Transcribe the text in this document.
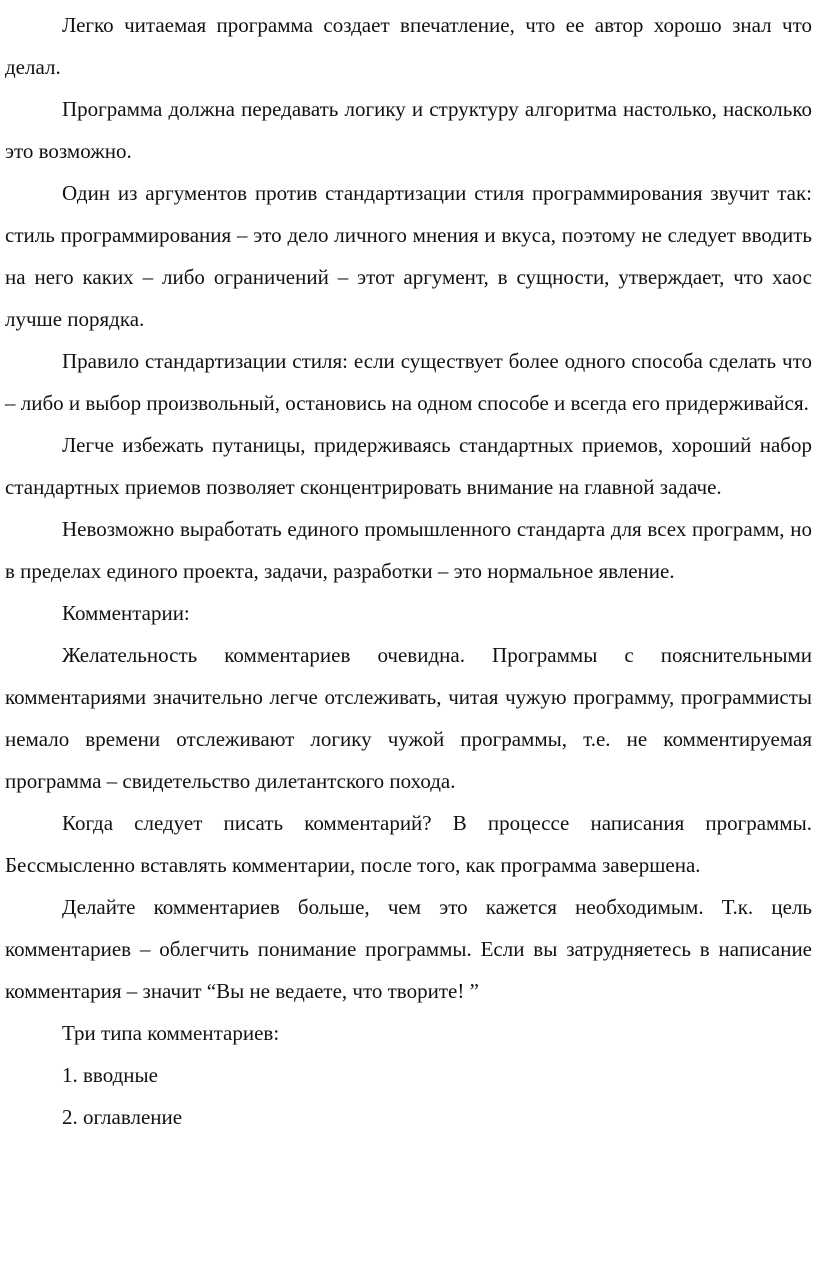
Легко читаемая программа создает впечатление, что ее автор хорошо знал что делал.

Программа должна передавать логику и структуру алгоритма настолько, насколько это возможно.

Один из аргументов против стандартизации стиля программирования звучит так: стиль программирования – это дело личного мнения и вкуса, поэтому не следует вводить на него каких – либо ограничений – этот аргумент, в сущности, утверждает, что хаос лучше порядка.

Правило стандартизации стиля: если существует более одного способа сделать что – либо и выбор произвольный, остановись на одном способе и всегда его придерживайся.

Легче избежать путаницы, придерживаясь стандартных приемов, хороший набор стандартных приемов позволяет сконцентрировать внимание на главной задаче.

Невозможно выработать единого промышленного стандарта для всех программ, но в пределах единого проекта, задачи, разработки – это нормальное явление.

Комментарии:

Желательность комментариев очевидна. Программы с пояснительными комментариями значительно легче отслеживать, читая чужую программу, программисты немало времени отслеживают логику чужой программы, т.е. не комментируемая программа – свидетельство дилетантского похода.

Когда следует писать комментарий? В процессе написания программы. Бессмысленно вставлять комментарии, после того, как программа завершена.

Делайте комментариев больше, чем это кажется необходимым. Т.к. цель комментариев – облегчить понимание программы. Если вы затрудняетесь в написание комментария – значит “Вы не ведаете, что творите! ”

Три типа комментариев:

1. вводные

2. оглавление
